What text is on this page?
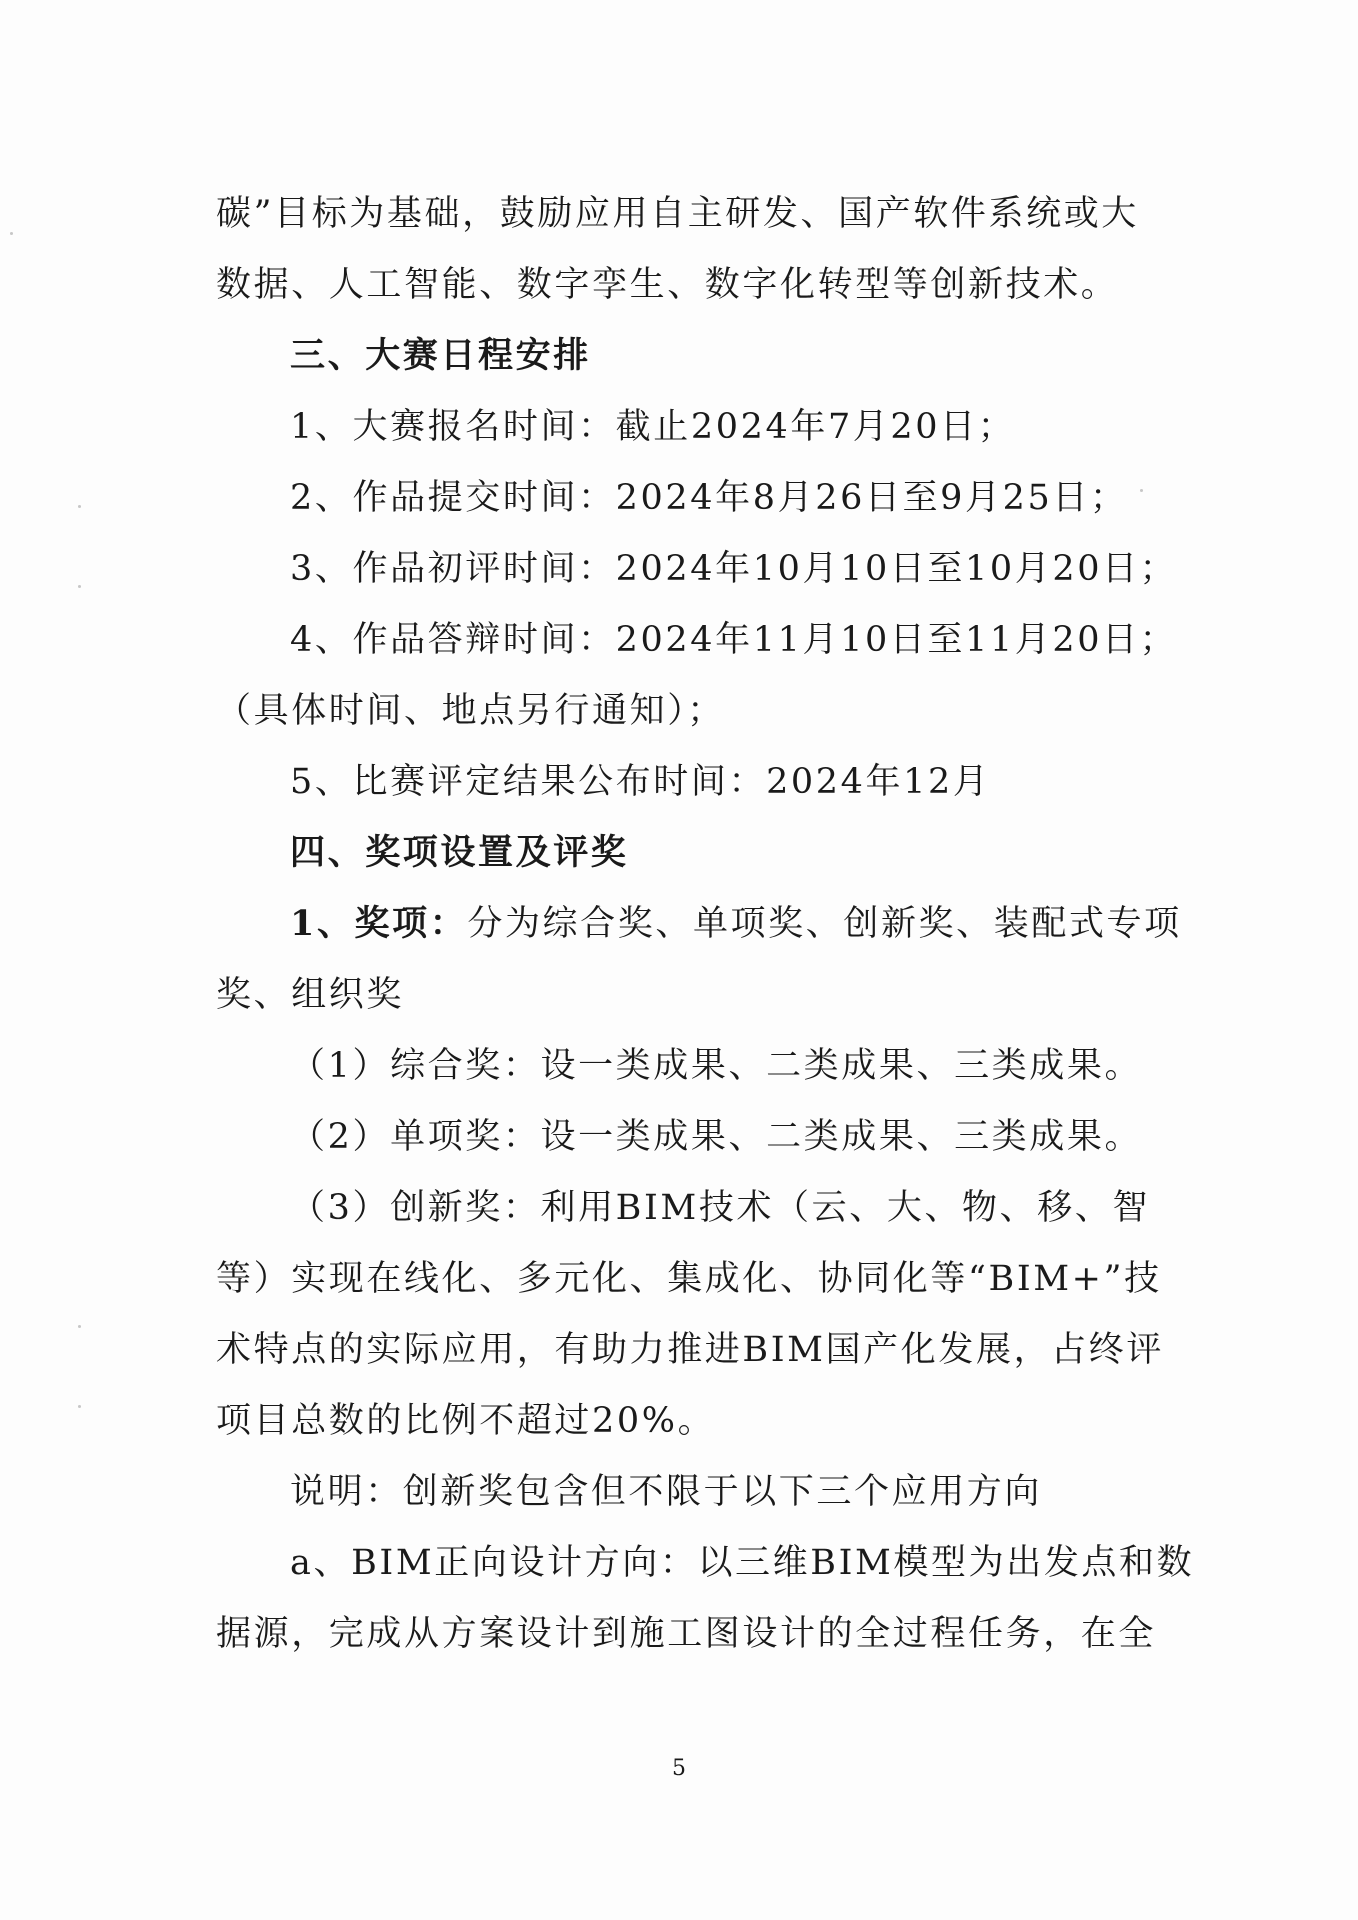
碳”目标为基础，鼓励应用自主研发、国产软件系统或大
数据、人工智能、数字孪生、数字化转型等创新技术。
三、大赛日程安排
1、大赛报名时间：截止2024年7月20日；
2、作品提交时间：2024年8月26日至9月25日；
3、作品初评时间：2024年10月10日至10月20日；
4、作品答辩时间：2024年11月10日至11月20日；
（具体时间、地点另行通知）；
5、比赛评定结果公布时间：2024年12月
四、奖项设置及评奖
1、奖项：分为综合奖、单项奖、创新奖、装配式专项
奖、组织奖
（1）综合奖：设一类成果、二类成果、三类成果。
（2）单项奖：设一类成果、二类成果、三类成果。
（3）创新奖：利用BIM技术（云、大、物、移、智
等）实现在线化、多元化、集成化、协同化等“BIM+”技
术特点的实际应用，有助力推进BIM国产化发展，占终评
项目总数的比例不超过20%。
说明：创新奖包含但不限于以下三个应用方向
a、BIM正向设计方向：以三维BIM模型为出发点和数
据源，完成从方案设计到施工图设计的全过程任务，在全
5
